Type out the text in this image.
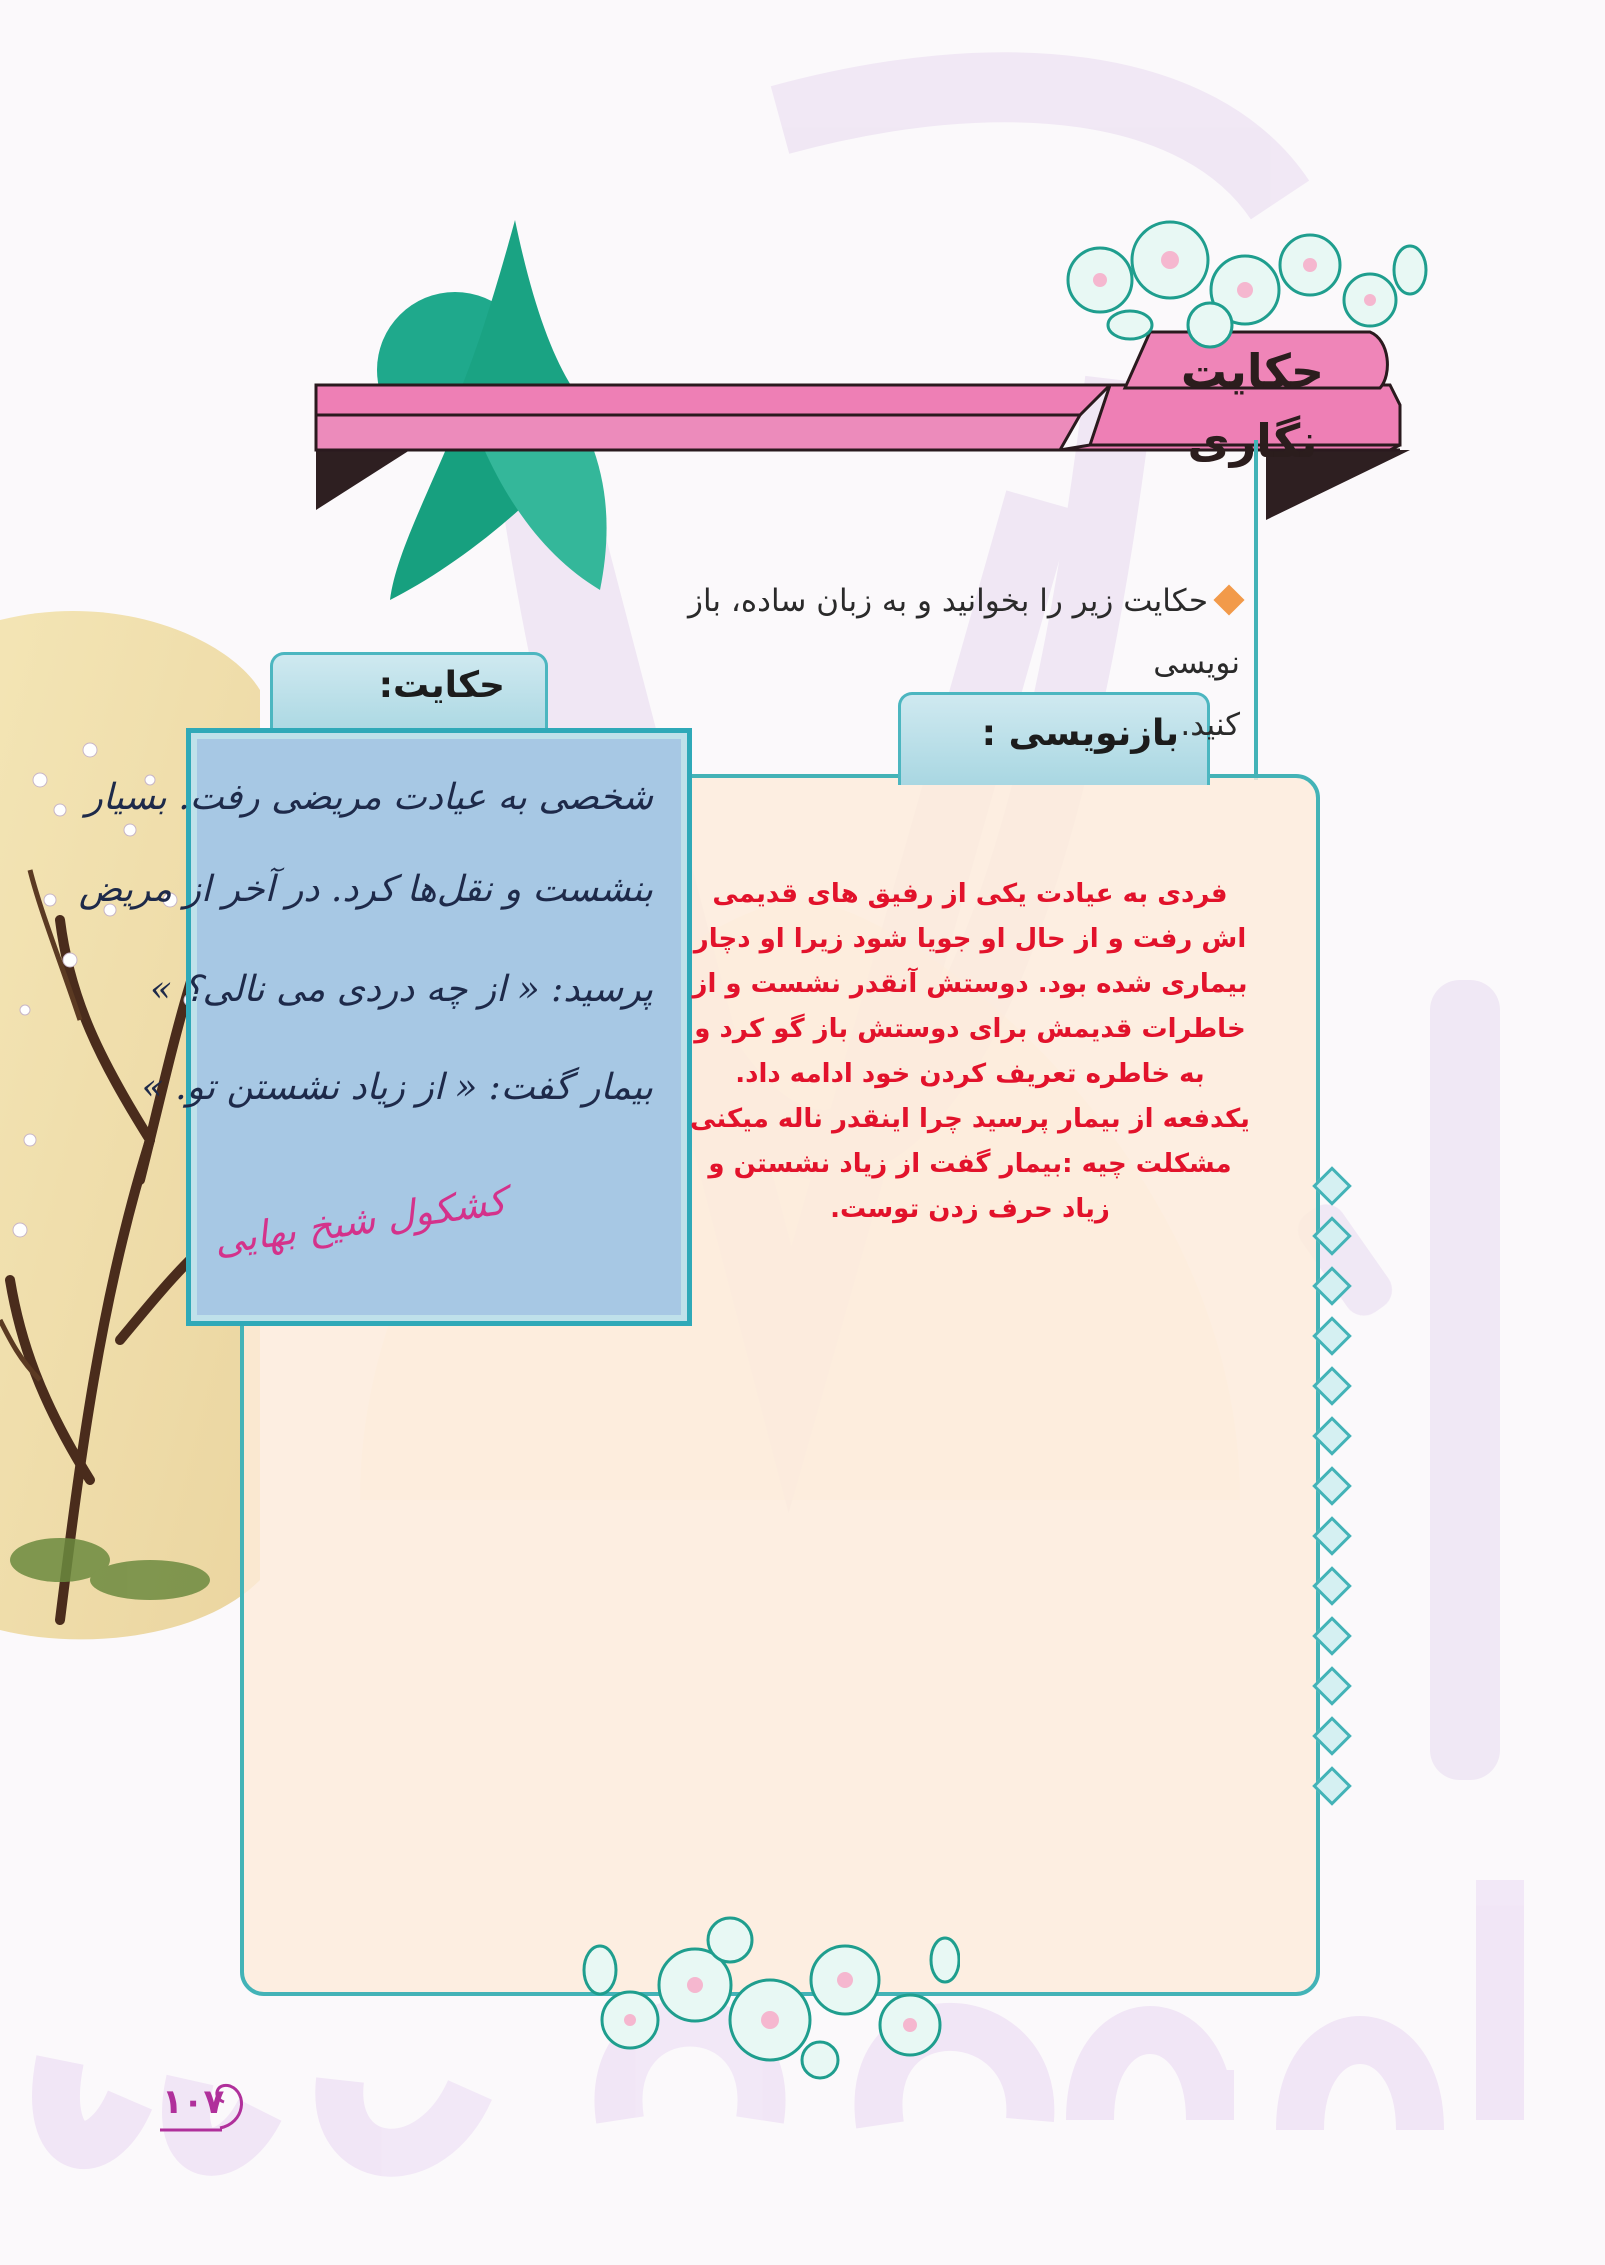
حکایت نگاری
حکایت زیر را بخوانید و به زبان ساده، باز نویسی
کنید.
بازنویسی :
فردی به عیادت یکی از رفیق های قدیمی اش رفت و از حال او جویا شود زیرا او دچار بیماری شده بود. دوستش آنقدر نشست و از خاطرات قدیمش برای دوستش باز گو کرد و به خاطره تعریف کردن خود ادامه داد. یکدفعه از بیمار پرسید چرا اینقدر ناله میکنی مشکلت چیه :بیمار گفت از زیاد نشستن و زیاد حرف زدن توست.
حکایت:
شخصی به عیادت مریضی رفت. بسیار
بنشست و نقل‌ها کرد. در آخر از مریض
پرسید: « از چه دردی می نالی؟ »
بیمار گفت: « از زیاد نشستن تو. »
کشکول شیخ بهایی
۱۰۷
